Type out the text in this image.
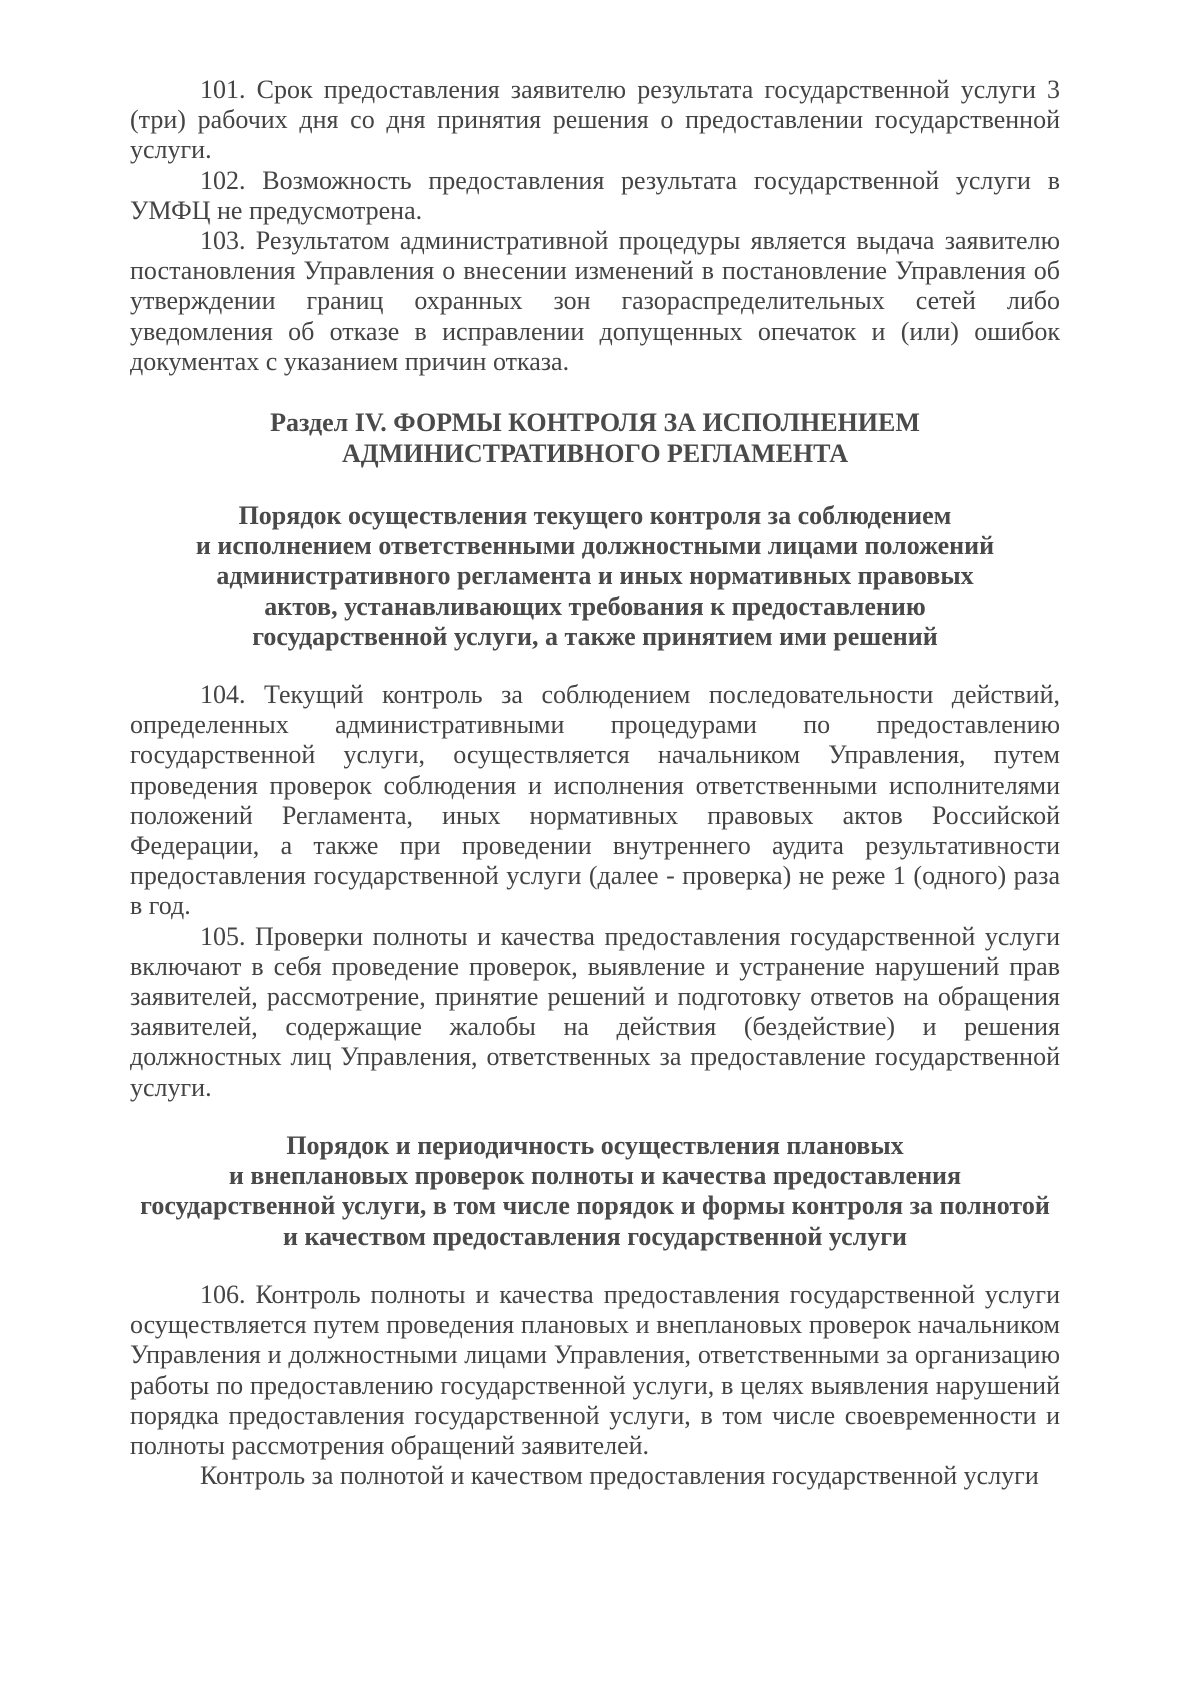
101. Срок предоставления заявителю результата государственной услуги 3 (три) рабочих дня со дня принятия решения о предоставлении государственной услуги.

102. Возможность предоставления результата государственной услуги в УМФЦ не предусмотрена.

103. Результатом административной процедуры является выдача заявителю постановления Управления о внесении изменений в постановление Управления об утверждении границ охранных зон газораспределительных сетей либо уведомления об отказе в исправлении допущенных опечаток и (или) ошибок документах с указанием причин отказа.

Раздел IV. ФОРМЫ КОНТРОЛЯ ЗА ИСПОЛНЕНИЕМ
АДМИНИСТРАТИВНОГО РЕГЛАМЕНТА
Порядок осуществления текущего контроля за соблюдением
и исполнением ответственными должностными лицами положений
административного регламента и иных нормативных правовых
актов, устанавливающих требования к предоставлению
государственной услуги, а также принятием ими решений

104. Текущий контроль за соблюдением последовательности действий, определенных административными процедурами по предоставлению государственной услуги, осуществляется начальником Управления, путем проведения проверок соблюдения и исполнения ответственными исполнителями положений Регламента, иных нормативных правовых актов Российской Федерации, а также при проведении внутреннего аудита результативности предоставления государственной услуги (далее - проверка) не реже 1 (одного) раза в год.

105. Проверки полноты и качества предоставления государственной услуги включают в себя проведение проверок, выявление и устранение нарушений прав заявителей, рассмотрение, принятие решений и подготовку ответов на обращения заявителей, содержащие жалобы на действия (бездействие) и решения должностных лиц Управления, ответственных за предоставление государственной услуги.

Порядок и периодичность осуществления плановых
и внеплановых проверок полноты и качества предоставления
государственной услуги, в том числе порядок и формы контроля за полнотой
и качеством предоставления государственной услуги

106. Контроль полноты и качества предоставления государственной услуги осуществляется путем проведения плановых и внеплановых проверок начальником Управления и должностными лицами Управления, ответственными за организацию работы по предоставлению государственной услуги, в целях выявления нарушений порядка предоставления государственной услуги, в том числе своевременности и полноты рассмотрения обращений заявителей.

Контроль за полнотой и качеством предоставления государственной услуги
